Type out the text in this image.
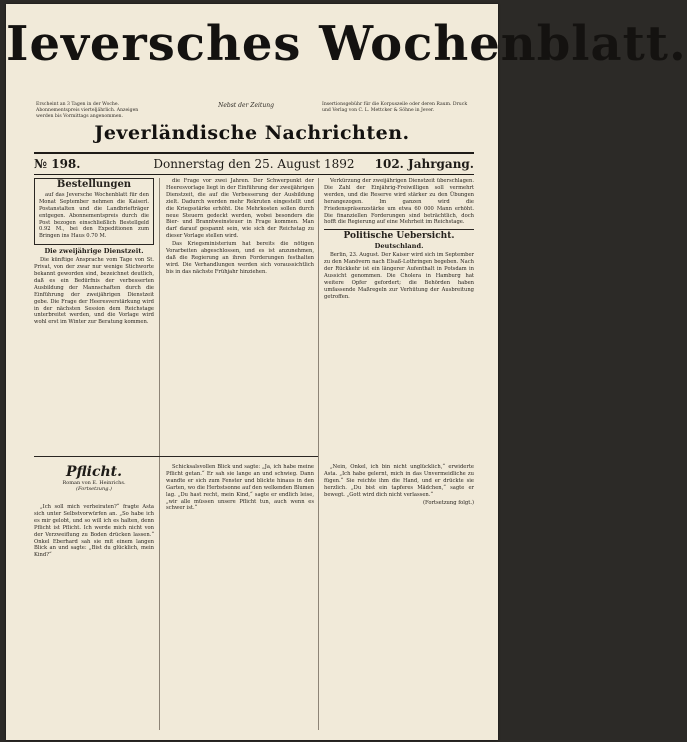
Ieversches Wochenblatt.
Erscheint an 3 Tagen in der Woche. Abonnementspreis vierteljährlich. Anzeigen werden bis Vormittags angenommen.
Nebst der Zeitung	Insertionsgebühr für die Korpuszeile oder deren Raum. Druck und Verlag von C. L. Mettcker & Söhne in Jever.
Jeverländische Nachrichten.
№ 198.	Donnerstag den 25. August 1892	102. Jahrgang.
Bestellungen

auf das Jeversche Wochenblatt für den Monat September nehmen die Kaiserl. Postanstalten und die Landbriefträger entgegen. Abonnementspreis durch die Post bezogen einschließlich Bestellgeld 0.92 M., bei den Expeditionen zum Bringen ins Haus 0.70 M.

Die zweijährige Dienstzeit.

Die künftige Ansprache vom Tage von St. Privat, von der zwar nur wenige Stichworte bekannt geworden sind, bezeichnet deutlich, daß es ein Bedürfnis der verbesserten Ausbildung der Mannschaften durch die Einführung der zweijährigen Dienstzeit gebe. Die Frage der Heeresverstärkung wird in der nächsten Session dem Reichstage unterbreitet werden, und die Vorlage wird wohl erst im Winter zur Beratung kommen.

Pflicht.
Roman von E. Heinrichs.
(Fortsetzung.)

„Ich soll mich verheiraten?“ fragte Asta sich unter Selbstvorwürfen an. „So habe ich es mir gelobt, und so will ich es halten, denn Pflicht ist Pflicht. Ich werde mich nicht von der Verzweiflung zu Boden drücken lassen.“ Onkel Eberhard sah sie mit einem langen Blick an und sagte: „Bist du glücklich, mein Kind?“

die Frage vor zwei Jahren. Der Schwerpunkt der Heeresvorlage liegt in der Einführung der zweijährigen Dienstzeit, die auf die Verbesserung der Ausbildung zielt. Dadurch werden mehr Rekruten eingestellt und die Kriegsstärke erhöht. Die Mehrkosten sollen durch neue Steuern gedeckt werden, wobei besonders die Bier- und Branntweinsteuer in Frage kommen. Man darf darauf gespannt sein, wie sich der Reichstag zu dieser Vorlage stellen wird.

Das Kriegsministerium hat bereits die nötigen Vorarbeiten abgeschlossen, und es ist anzunehmen, daß die Regierung an ihren Forderungen festhalten wird. Die Verhandlungen werden sich voraussichtlich bis in das nächste Frühjahr hinziehen.

Schicksalsvollen Blick und sagte: „Ja, ich habe meine Pflicht getan.“ Er sah sie lange an und schwieg. Dann wandte er sich zum Fenster und blickte hinaus in den Garten, wo die Herbstsonne auf den welkenden Blumen lag. „Du hast recht, mein Kind,“ sagte er endlich leise, „wir alle müssen unsere Pflicht tun, auch wenn es schwer ist.“

Verkürzung der zweijährigen Dienstzeit überschlagen. Die Zahl der Einjährig-Freiwilligen soll vermehrt werden, und die Reserve wird stärker zu den Übungen herangezogen. Im ganzen wird die Friedenspräsenzstärke um etwa 60 000 Mann erhöht. Die finanziellen Forderungen sind beträchtlich, doch hofft die Regierung auf eine Mehrheit im Reichstage.

Politische Uebersicht.
Deutschland.

Berlin, 23. August. Der Kaiser wird sich im September zu den Manövern nach Elsaß-Lothringen begeben. Nach der Rückkehr ist ein längerer Aufenthalt in Potsdam in Aussicht genommen. Die Cholera in Hamburg hat weitere Opfer gefordert; die Behörden haben umfassende Maßregeln zur Verhütung der Ausbreitung getroffen.

„Nein, Onkel, ich bin nicht unglücklich,“ erwiderte Asta. „Ich habe gelernt, mich in das Unvermeidliche zu fügen.“ Sie reichte ihm die Hand, und er drückte sie herzlich. „Du bist ein tapferes Mädchen,“ sagte er bewegt. „Gott wird dich nicht verlassen.“

(Fortsetzung folgt.)
